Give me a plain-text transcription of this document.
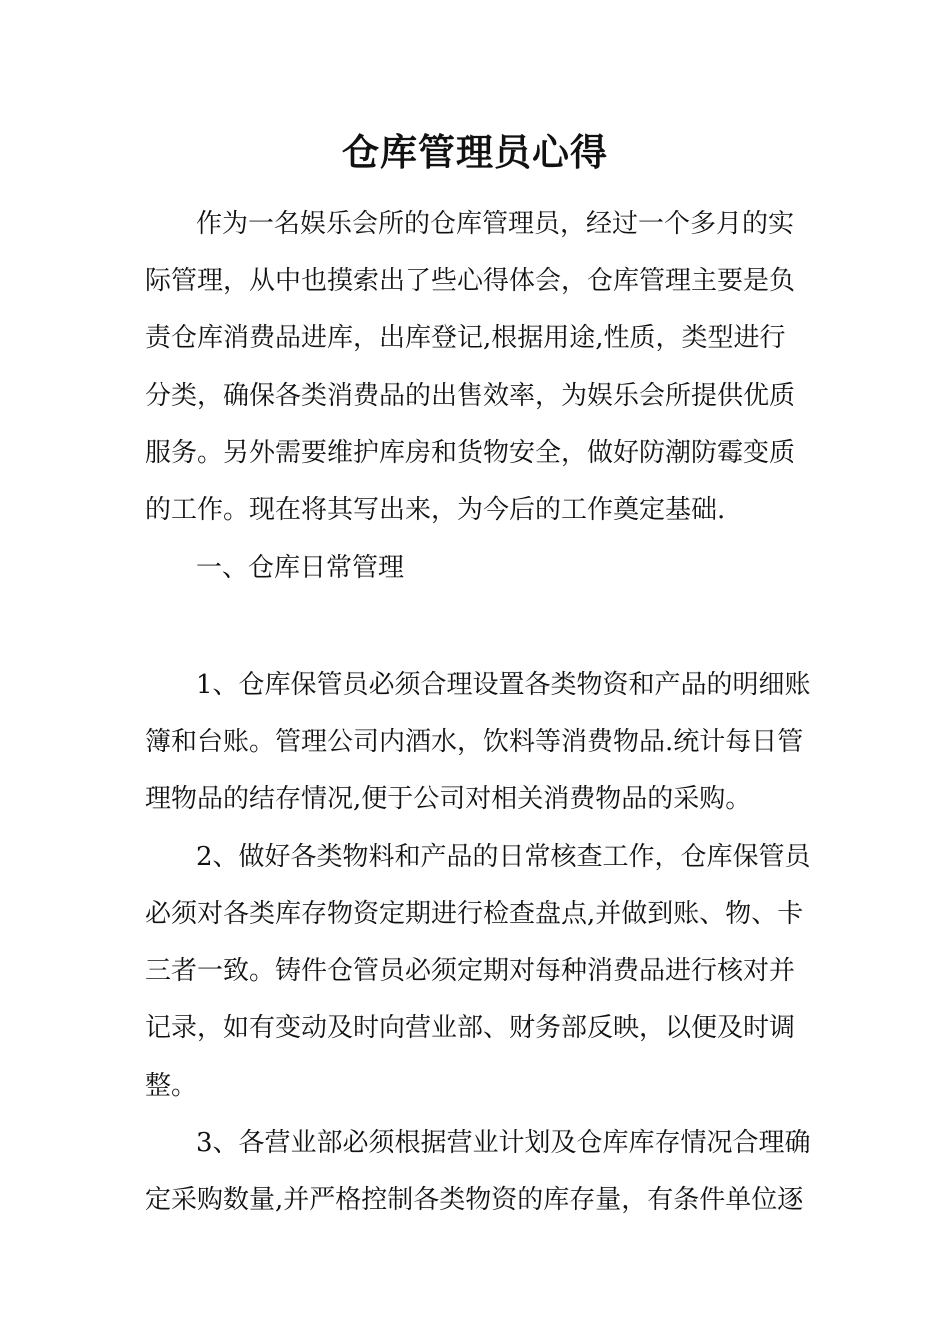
仓库管理员心得

作为一名娱乐会所的仓库管理员，经过一个多月的实

际管理，从中也摸索出了些心得体会，仓库管理主要是负

责仓库消费品进库，出库登记,根据用途,性质，类型进行

分类，确保各类消费品的出售效率，为娱乐会所提供优质

服务。另外需要维护库房和货物安全，做好防潮防霉变质

的工作。现在将其写出来，为今后的工作奠定基础.

一、仓库日常管理

1、仓库保管员必须合理设置各类物资和产品的明细账

簿和台账。管理公司内酒水，饮料等消费物品.统计每日管

理物品的结存情况,便于公司对相关消费物品的采购。

2、做好各类物料和产品的日常核查工作，仓库保管员

必须对各类库存物资定期进行检查盘点,并做到账、物、卡

三者一致。铸件仓管员必须定期对每种消费品进行核对并

记录，如有变动及时向营业部、财务部反映，以便及时调

整。

3、各营业部必须根据营业计划及仓库库存情况合理确

定采购数量,并严格控制各类物资的库存量，有条件单位逐
